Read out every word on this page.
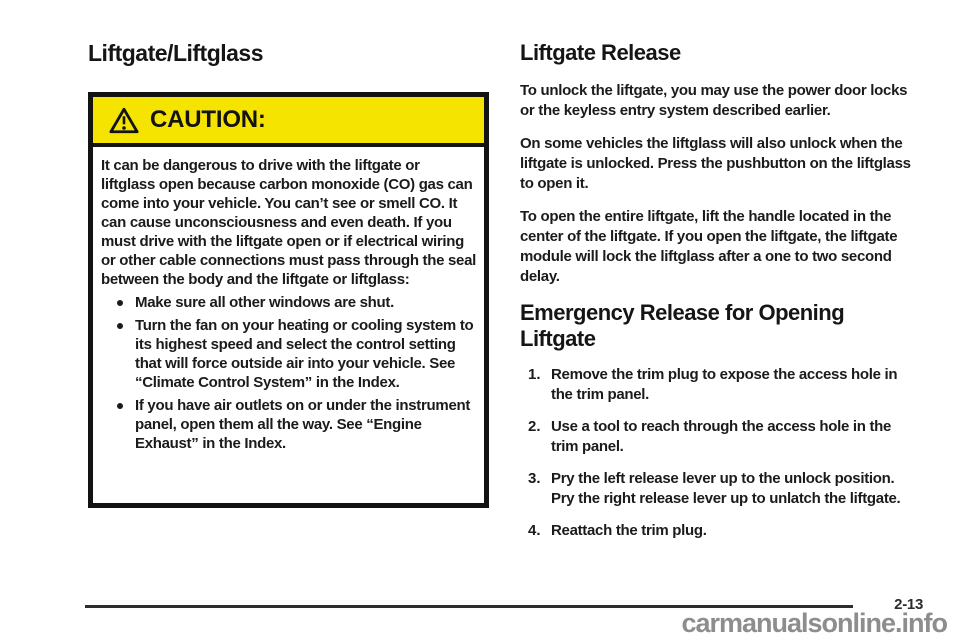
Liftgate/Liftglass
CAUTION:

It can be dangerous to drive with the liftgate or liftglass open because carbon monoxide (CO) gas can come into your vehicle. You can’t see or smell CO. It can cause unconsciousness and even death. If you must drive with the liftgate open or if electrical wiring or other cable connections must pass through the seal between the body and the liftgate or liftglass:

Make sure all other windows are shut.
Turn the fan on your heating or cooling system to its highest speed and select the control setting that will force outside air into your vehicle. See “Climate Control System” in the Index.
If you have air outlets on or under the instrument panel, open them all the way. See “Engine Exhaust” in the Index.
Liftgate Release

To unlock the liftgate, you may use the power door locks or the keyless entry system described earlier.

On some vehicles the liftglass will also unlock when the liftgate is unlocked. Press the pushbutton on the liftglass to open it.

To open the entire liftgate, lift the handle located in the center of the liftgate. If you open the liftgate, the liftgate module will lock the liftglass after a one to two second delay.

Emergency Release for Opening Liftgate
1. Remove the trim plug to expose the access hole in the trim panel.
2. Use a tool to reach through the access hole in the trim panel.
3. Pry the left release lever up to the unlock position. Pry the right release lever up to unlatch the liftgate.
4. Reattach the trim plug.
2-13
carmanualsonline.info
